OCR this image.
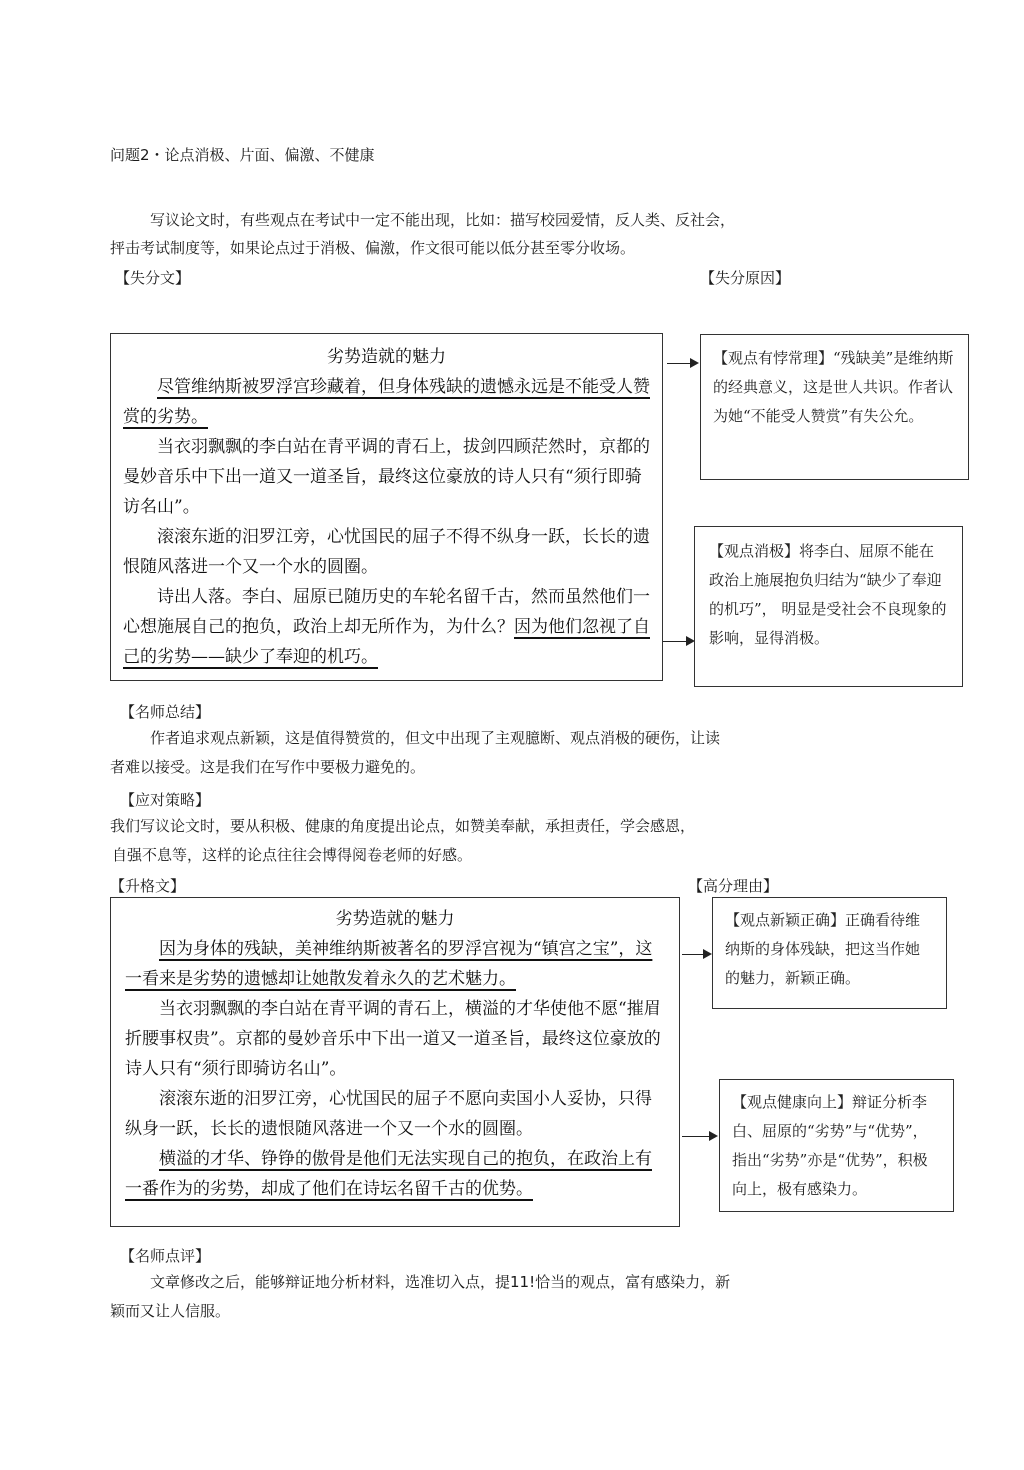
问题2・论点消极、片面、偏激、不健康
写议论文时，有些观点在考试中一定不能出现，比如：描写校园爱情，反人类、反社会，
抨击考试制度等，如果论点过于消极、偏激，作文很可能以低分甚至零分收场。
【失分文】	【失分原因】
劣势造就的魅力

尽管维纳斯被罗浮宫珍藏着，但身体残缺的遗憾永远是不能受人赞赏的劣势。

当衣羽飘飘的李白站在青平调的青石上，拔剑四顾茫然时，京都的曼妙音乐中下出一道又一道圣旨，最终这位豪放的诗人只有“须行即骑访名山”。

滚滚东逝的汨罗江旁，心忧国民的屈子不得不纵身一跃，长长的遗恨随风落进一个又一个水的圆圈。

诗出人落。李白、屈原已随历史的车轮名留千古，然而虽然他们一心想施展自己的抱负，政治上却无所作为，为什么？因为他们忽视了自己的劣势——缺少了奉迎的机巧。

【观点有悖常理】“残缺美”是维纳斯的经典意义，这是世人共识。作者认为她“不能受人赞赏”有失公允。

【观点消极】将李白、屈原不能在政治上施展抱负归结为“缺少了奉迎的机巧”， 明显是受社会不良现象的影响，显得消极。

【名师总结】
作者追求观点新颖，这是值得赞赏的，但文中出现了主观臆断、观点消极的硬伤，让读
者难以接受。这是我们在写作中要极力避免的。
【应对策略】
我们写议论文时，要从积极、健康的角度提出论点，如赞美奉献，承担责任，学会感恩，
自强不息等，这样的论点往往会博得阅卷老师的好感。
【升格文】	【高分理由】
劣势造就的魅力

因为身体的残缺，美神维纳斯被著名的罗浮宫视为“镇宫之宝”，这一看来是劣势的遗憾却让她散发着永久的艺术魅力。

当衣羽飘飘的李白站在青平调的青石上，横溢的才华使他不愿“摧眉折腰事权贵”。京都的曼妙音乐中下出一道又一道圣旨，最终这位豪放的诗人只有“须行即骑访名山”。

滚滚东逝的汨罗江旁，心忧国民的屈子不愿向卖国小人妥协，只得纵身一跃，长长的遗恨随风落进一个又一个水的圆圈。

横溢的才华、铮铮的傲骨是他们无法实现自己的抱负，在政治上有一番作为的劣势，却成了他们在诗坛名留千古的优势。

【观点新颖正确】正确看待维纳斯的身体残缺，把这当作她的魅力，新颖正确。

【观点健康向上】辩证分析李白、屈原的“劣势”与“优势”， 指出“劣势”亦是“优势”，积极向上，极有感染力。

【名师点评】
文章修改之后，能够辩证地分析材料，选准切入点，提11!恰当的观点，富有感染力，新
颖而又让人信服。
